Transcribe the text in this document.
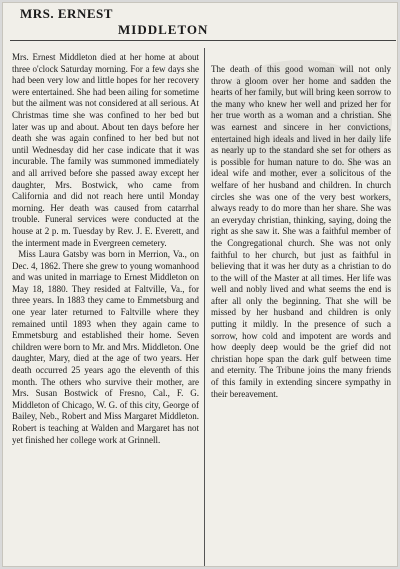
MRS. ERNEST
MIDDLETON
Mrs. Ernest Middleton died at her home at about three o'clock Saturday morning. For a few days she had been very low and little hopes for her recovery were entertained. She had been ailing for sometime but the ailment was not considered at all serious. At Christmas time she was confined to her bed but later was up and about. About ten days before her death she was again confined to her bed but not until Wednesday did her case indicate that it was incurable. The family was summoned immediately and all arrived before she passed away except her daughter, Mrs. Bostwick, who came from California and did not reach here until Monday morning. Her death was caused from catarrhal trouble. Funeral services were conducted at the house at 2 p. m. Tuesday by Rev. J. E. Everett, and the interment made in Evergreen cemetery.
Miss Laura Gatsby was born in Merrion, Va., on Dec. 4, 1862. There she grew to young womanhood and was united in marriage to Ernest Middleton on May 18, 1880. They resided at Faltville, Va., for three years. In 1883 they came to Emmetsburg and one year later returned to Faltville where they remained until 1893 when they again came to Emmetsburg and established their home. Seven children were born to Mr. and Mrs. Middleton. One daughter, Mary, died at the age of two years. Her death occurred 25 years ago the eleventh of this month. The others who survive their mother, are Mrs. Susan Bostwick of Fresno, Cal., F. G. Middleton of Chicago, W. G. of this city, George of Bailey, Neb., Robert and Miss Margaret Middleton. Robert is teaching at Walden and Margaret has not yet finished her college work at Grinnell.
The death of this good woman will not only throw a gloom over her home and sadden the hearts of her family, but will bring keen sorrow to the many who knew her well and prized her for her true worth as a woman and a christian. She was earnest and sincere in her convictions, entertained high ideals and lived in her daily life as nearly up to the standard she set for others as is possible for human nature to do. She was an ideal wife and mother, ever a solicitous of the welfare of her husband and children. In church circles she was one of the very best workers, always ready to do more than her share. She was an everyday christian, thinking, saying, doing the right as she saw it. She was a faithful member of the Congregational church. She was not only faithful to her church, but just as faithful in believing that it was her duty as a christian to do to the will of the Master at all times. Her life was well and nobly lived and what seems the end is after all only the beginning. That she will be missed by her husband and children is only putting it mildly. In the presence of such a sorrow, how cold and impotent are words and how deeply deep would be the grief did not christian hope span the dark gulf between time and eternity. The Tribune joins the many friends of this family in extending sincere sympathy in their bereavement.
